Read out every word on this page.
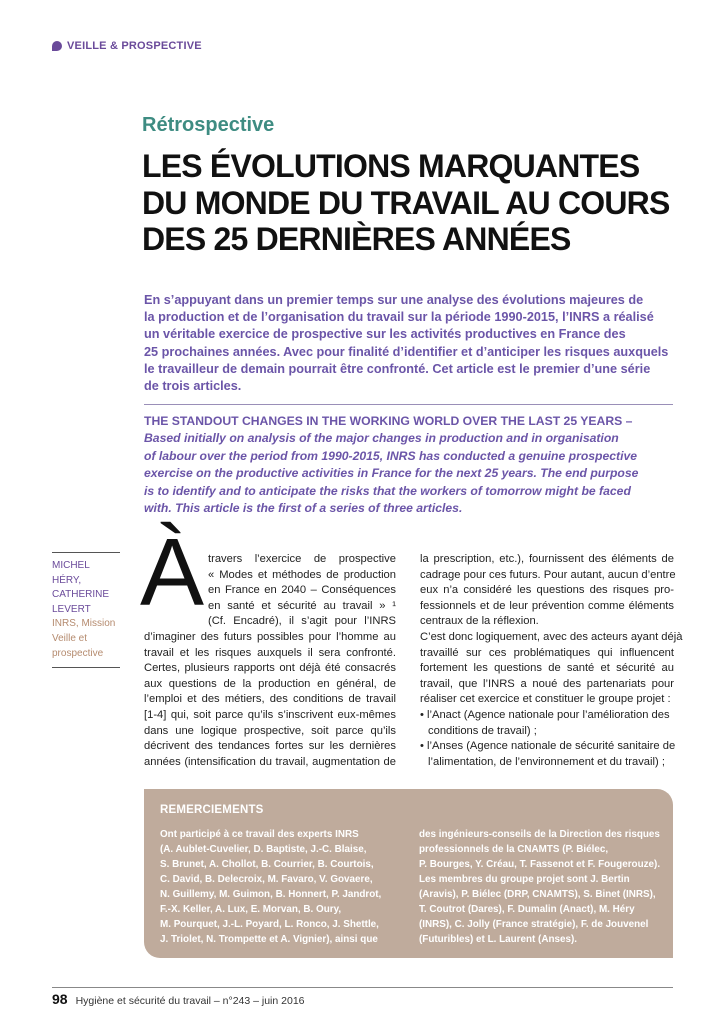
VEILLE & PROSPECTIVE
Rétrospective
LES ÉVOLUTIONS MARQUANTES
DU MONDE DU TRAVAIL AU COURS
DES 25 DERNIÈRES ANNÉES
En s’appuyant dans un premier temps sur une analyse des évolutions majeures de
la production et de l’organisation du travail sur la période 1990-2015, l’INRS a réalisé
un véritable exercice de prospective sur les activités productives en France des
25 prochaines années. Avec pour finalité d’identifier et d’anticiper les risques auxquels
le travailleur de demain pourrait être confronté. Cet article est le premier d’une série
de trois articles.
THE STANDOUT CHANGES IN THE WORKING WORLD OVER THE LAST 25 YEARS –
Based initially on analysis of the major changes in production and in organisation
of labour over the period from 1990-2015, INRS has conducted a genuine prospective
exercise on the productive activities in France for the next 25 years. The end purpose
is to identify and to anticipate the risks that the workers of tomorrow might be faced
with. This article is the first of a series of three articles.
MICHEL
HÉRY,
CATHERINE
LEVERT
INRS, Mission
Veille et
prospective
À travers l’exercice de prospective
« Modes et méthodes de production
en France en 2040 – Conséquences
en santé et sécurité au travail » ¹
(Cf. Encadré), il s’agit pour l’INRS
d’imaginer des futurs possibles pour l’homme au
travail et les risques auxquels il sera confronté.
Certes, plusieurs rapports ont déjà été consacrés
aux questions de la production en général, de
l’emploi et des métiers, des conditions de travail
[1-4] qui, soit parce qu’ils s’inscrivent eux-mêmes
dans une logique prospective, soit parce qu’ils
décrivent des tendances fortes sur les dernières
années (intensification du travail, augmentation de
la prescription, etc.), fournissent des éléments de
cadrage pour ces futurs. Pour autant, aucun d’entre
eux n’a considéré les questions des risques pro-
fessionnels et de leur prévention comme éléments
centraux de la réflexion.
C’est donc logiquement, avec des acteurs ayant déjà
travaillé sur ces problématiques qui influencent
fortement les questions de santé et sécurité au
travail, que l’INRS a noué des partenariats pour
réaliser cet exercice et constituer le groupe projet :
• l’Anact (Agence nationale pour l’amélioration des
conditions de travail) ;
• l’Anses (Agence nationale de sécurité sanitaire de
l’alimentation, de l’environnement et du travail) ;
REMERCIEMENTS
Ont participé à ce travail des experts INRS
(A. Aublet-Cuvelier, D. Baptiste, J.-C. Blaise,
S. Brunet, A. Chollot, B. Courrier, B. Courtois,
C. David, B. Delecroix, M. Favaro, V. Govaere,
N. Guillemy, M. Guimon, B. Honnert, P. Jandrot,
F.-X. Keller, A. Lux, E. Morvan, B. Oury,
M. Pourquet, J.-L. Poyard, L. Ronco, J. Shettle,
J. Triolet, N. Trompette et A. Vignier), ainsi que
des ingénieurs-conseils de la Direction des risques
professionnels de la CNAMTS (P. Biélec,
P. Bourges, Y. Créau, T. Fassenot et F. Fougerouze).
Les membres du groupe projet sont J. Bertin
(Aravis), P. Biélec (DRP, CNAMTS), S. Binet (INRS),
T. Coutrot (Dares), F. Dumalin (Anact), M. Héry
(INRS), C. Jolly (France stratégie), F. de Jouvenel
(Futuribles) et L. Laurent (Anses).
98 Hygiène et sécurité du travail – n°243 – juin 2016
